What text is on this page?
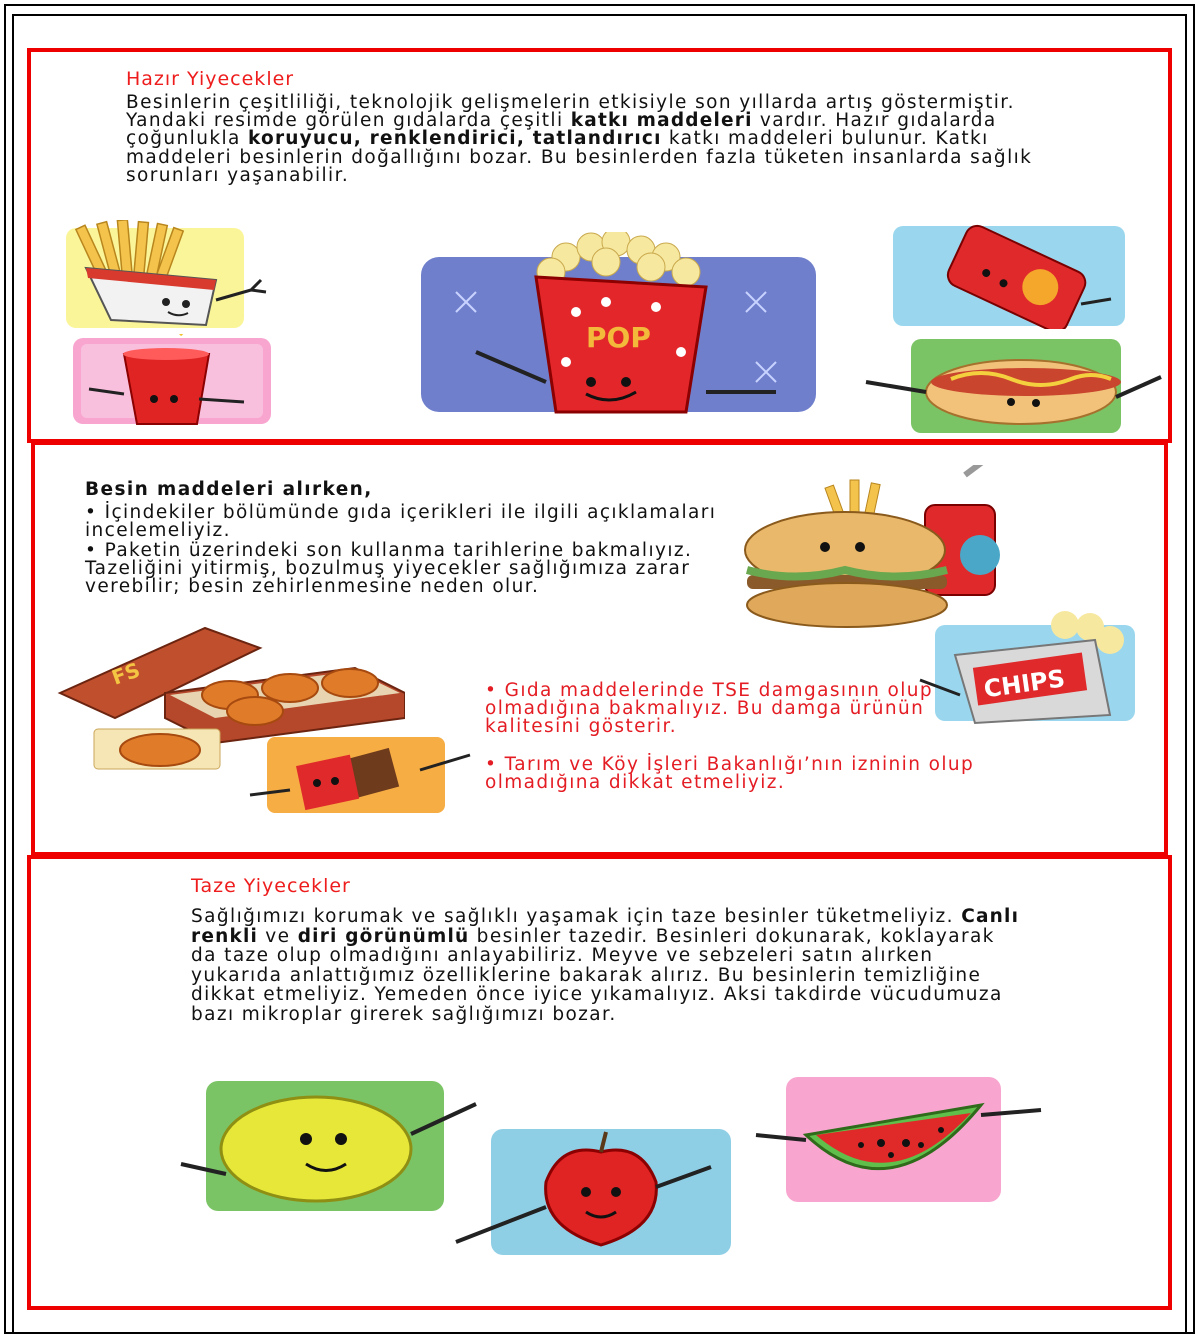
Hazır Yiyecekler
Besinlerin çeşitliliği, teknolojik gelişmelerin etkisiyle son yıllarda artış göstermiştir. Yandaki resimde görülen gıdalarda çeşitli katkı maddeleri vardır. Hazır gıdalarda çoğunlukla koruyucu, renklendirici, tatlandırıcı katkı maddeleri bulunur. Katkı maddeleri besinlerin doğallığını bozar. Bu besinlerden fazla tüketen insanlarda sağlık sorunları yaşanabilir.
POP
Besin maddeleri alırken,
• İçindekiler bölümünde gıda içerikleri ile ilgili açıklamaları incelemeliyiz.
• Paketin üzerindeki son kullanma tarihlerine bakmalıyız. Tazeliğini yitirmiş, bozulmuş yiyecekler sağlığımıza zarar verebilir; besin zehirlenmesine neden olur.
• Gıda maddelerinde TSE damgasının olup olmadığına bakmalıyız. Bu damga ürünün kalitesini gösterir.
• Tarım ve Köy İşleri Bakanlığı’nın izninin olup olmadığına dikkat etmeliyiz.
CHIPS
FS
Taze Yiyecekler
Sağlığımızı korumak ve sağlıklı yaşamak için taze besinler tüketmeliyiz. Canlı renkli ve diri görünümlü besinler tazedir. Besinleri dokunarak, koklayarak da taze olup olmadığını anlayabiliriz. Meyve ve sebzeleri satın alırken yukarıda anlattığımız özelliklerine bakarak alırız. Bu besinlerin temizliğine dikkat etmeliyiz. Yemeden önce iyice yıkamalıyız. Aksi takdirde vücudumuza bazı mikroplar girerek sağlığımızı bozar.
